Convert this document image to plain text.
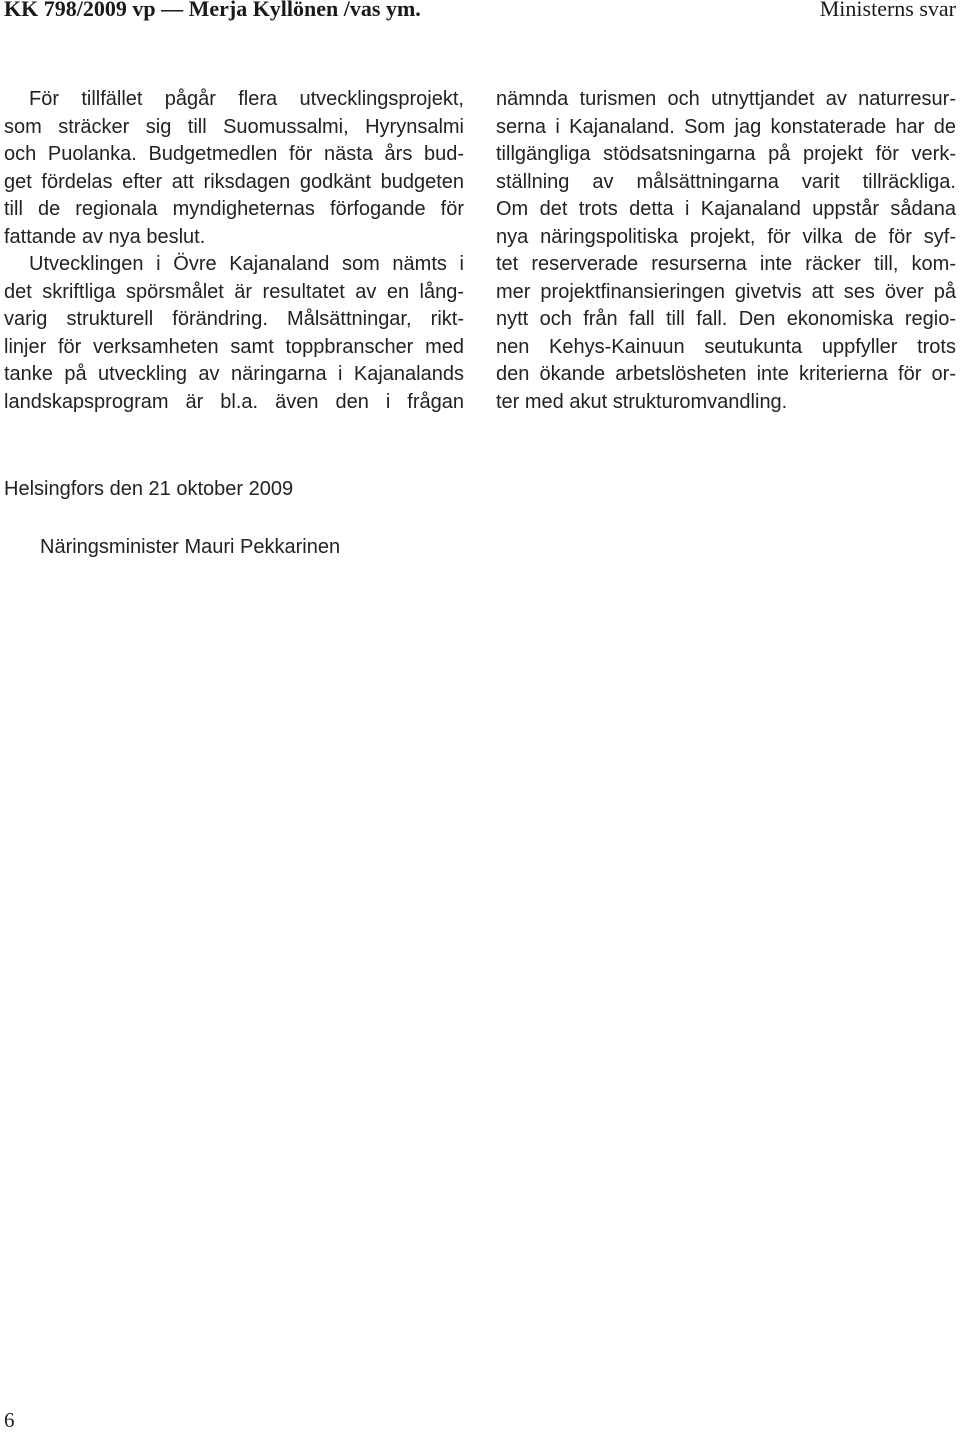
KK 798/2009 vp — Merja Kyllönen /vas ym.	Ministerns svar
För tillfället pågår flera utvecklingsprojekt,
som sträcker sig till Suomussalmi, Hyrynsalmi
och Puolanka. Budgetmedlen för nästa års bud-
get fördelas efter att riksdagen godkänt budgeten
till de regionala myndigheternas förfogande för
fattande av nya beslut.
Utvecklingen i Övre Kajanaland som nämts i
det skriftliga spörsmålet är resultatet av en lång-
varig strukturell förändring. Målsättningar, rikt-
linjer för verksamheten samt toppbranscher med
tanke på utveckling av näringarna i Kajanalands
landskapsprogram är bl.a. även den i frågan
nämnda turismen och utnyttjandet av naturresur-
serna i Kajanaland. Som jag konstaterade har de
tillgängliga stödsatsningarna på projekt för verk-
ställning av målsättningarna varit tillräckliga.
Om det trots detta i Kajanaland uppstår sådana
nya näringspolitiska projekt, för vilka de för syf-
tet reserverade resurserna inte räcker till, kom-
mer projektfinansieringen givetvis att ses över på
nytt och från fall till fall. Den ekonomiska regio-
nen Kehys-Kainuun seutukunta uppfyller trots
den ökande arbetslösheten inte kriterierna för or-
ter med akut strukturomvandling.
Helsingfors den 21 oktober 2009
Näringsminister Mauri Pekkarinen
6
